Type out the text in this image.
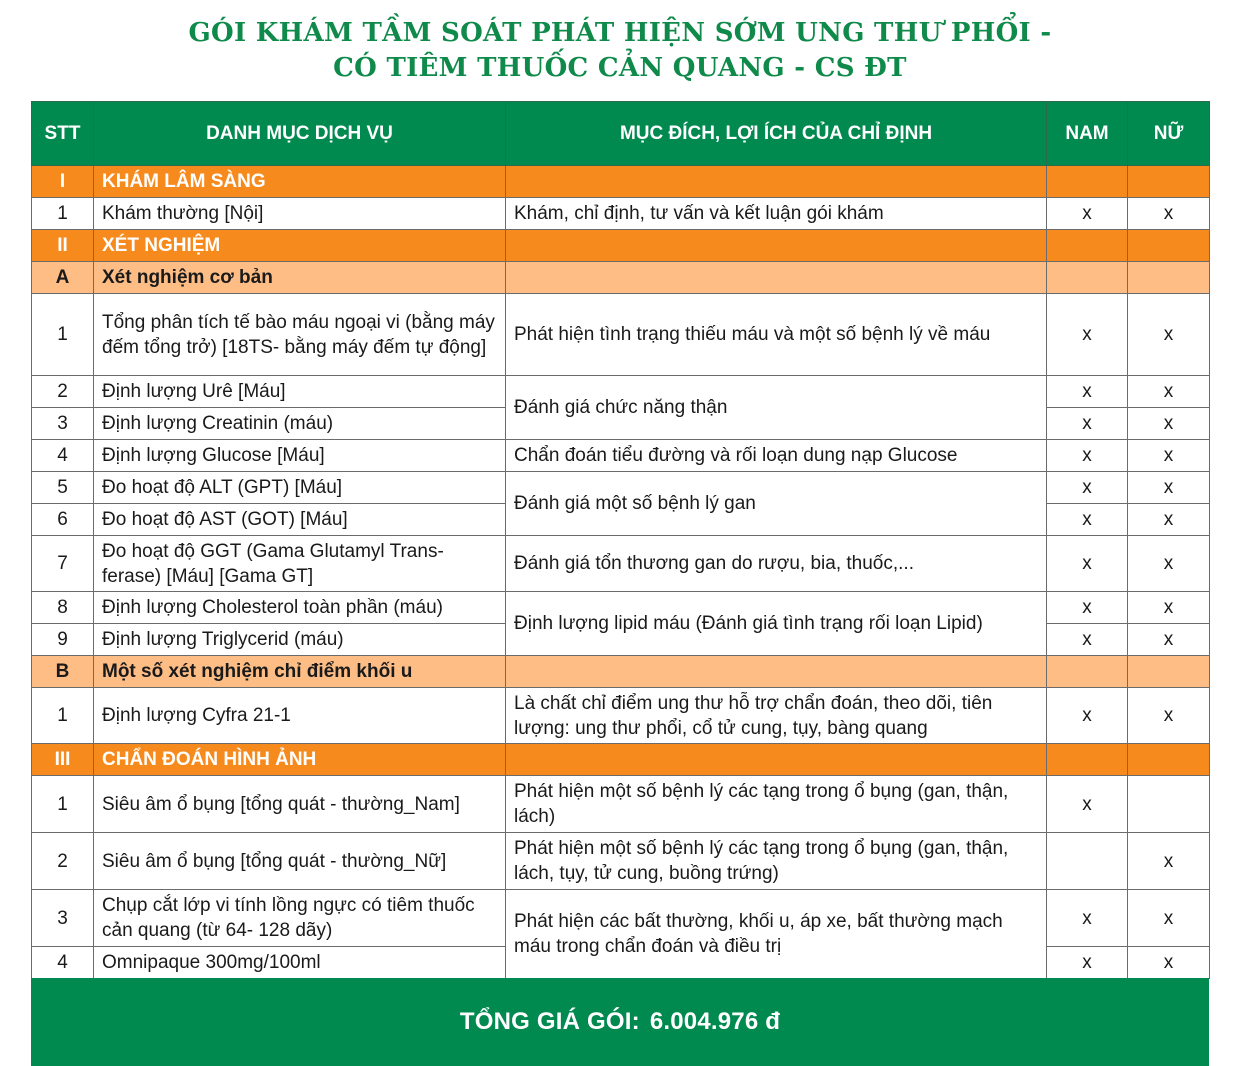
GÓI KHÁM TẦM SOÁT PHÁT HIỆN SỚM UNG THƯ PHỔI -
CÓ TIÊM THUỐC CẢN QUANG - CS ĐT
STT	DANH MỤC DỊCH VỤ	MỤC ĐÍCH, LỢI ÍCH CỦA CHỈ ĐỊNH	NAM	NỮ
I	KHÁM LÂM SÀNG			
1	Khám thường [Nội]	Khám, chỉ định, tư vấn và kết luận gói khám	x	x
II	XÉT NGHIỆM			
A	Xét nghiệm cơ bản			
1	Tổng phân tích tế bào máu ngoại vi (bằng máy đếm tổng trở) [18TS- bằng máy đếm tự động]	Phát hiện tình trạng thiếu máu và một số bệnh lý về máu	x	x
2	Định lượng Urê [Máu]	Đánh giá chức năng thận	x	x
3	Định lượng Creatinin (máu)		x	x
4	Định lượng Glucose [Máu]	Chẩn đoán tiểu đường và rối loạn dung nạp Glucose	x	x
5	Đo hoạt độ ALT (GPT) [Máu]	Đánh giá một số bệnh lý gan	x	x
6	Đo hoạt độ AST (GOT) [Máu]		x	x
7	Đo hoạt độ GGT (Gama Glutamyl Trans-ferase) [Máu] [Gama GT]	Đánh giá tổn thương gan do rượu, bia, thuốc,...	x	x
8	Định lượng Cholesterol toàn phần (máu)	Định lượng lipid máu (Đánh giá tình trạng rối loạn Lipid)	x	x
9	Định lượng Triglycerid (máu)		x	x
B	Một số xét nghiệm chỉ điểm khối u			
1	Định lượng Cyfra 21-1	Là chất chỉ điểm ung thư hỗ trợ chẩn đoán, theo dõi, tiên lượng: ung thư phổi, cổ tử cung, tụy, bàng quang	x	x
III	CHẨN ĐOÁN HÌNH ẢNH			
1	Siêu âm ổ bụng [tổng quát - thường_Nam]	Phát hiện một số bệnh lý các tạng trong ổ bụng (gan, thận, lách)	x	
2	Siêu âm ổ bụng [tổng quát - thường_Nữ]	Phát hiện một số bệnh lý các tạng trong ổ bụng (gan, thận, lách, tụy, tử cung, buồng trứng)		x
3	Chụp cắt lớp vi tính lồng ngực có tiêm thuốc cản quang (từ 64- 128 dãy)	Phát hiện các bất thường, khối u, áp xe, bất thường mạch máu trong chẩn đoán và điều trị	x	x
4	Omnipaque 300mg/100ml		x	x
TỔNG GIÁ GÓI: 6.004.976 đ
